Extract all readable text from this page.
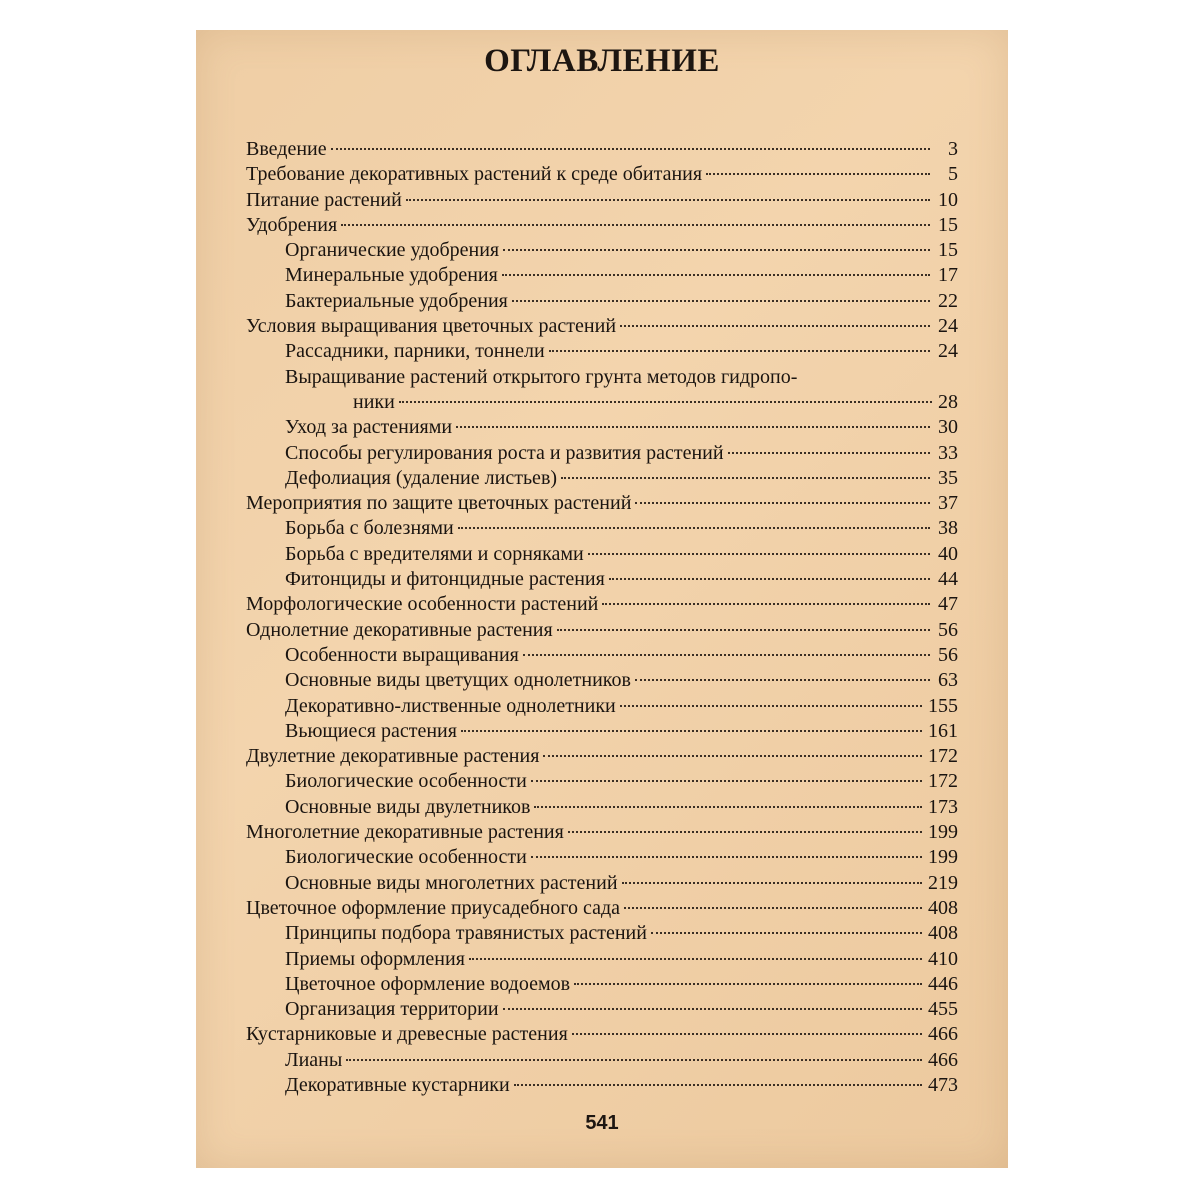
ОГЛАВЛЕНИЕ
Введение	3
Требование декоративных растений к среде обитания	5
Питание растений	10
Удобрения	15
Органические удобрения	15
Минеральные удобрения	17
Бактериальные удобрения	22
Условия выращивания цветочных растений	24
Рассадники, парники, тоннели	24
Выращивание растений открытого грунта методов гидропо-
ники	28
Уход за растениями	30
Способы регулирования роста и развития растений	33
Дефолиация (удаление листьев)	35
Мероприятия по защите цветочных растений	37
Борьба с болезнями	38
Борьба с вредителями и сорняками	40
Фитонциды и фитонцидные растения	44
Морфологические особенности растений	47
Однолетние декоративные растения	56
Особенности выращивания	56
Основные виды цветущих однолетников	63
Декоративно-лиственные однолетники	155
Вьющиеся растения	161
Двулетние декоративные растения	172
Биологические особенности	172
Основные виды двулетников	173
Многолетние декоративные растения	199
Биологические особенности	199
Основные виды многолетних растений	219
Цветочное оформление приусадебного сада	408
Принципы подбора травянистых растений	408
Приемы оформления	410
Цветочное оформление водоемов	446
Организация территории	455
Кустарниковые и древесные растения	466
Лианы	466
Декоративные кустарники	473
541
